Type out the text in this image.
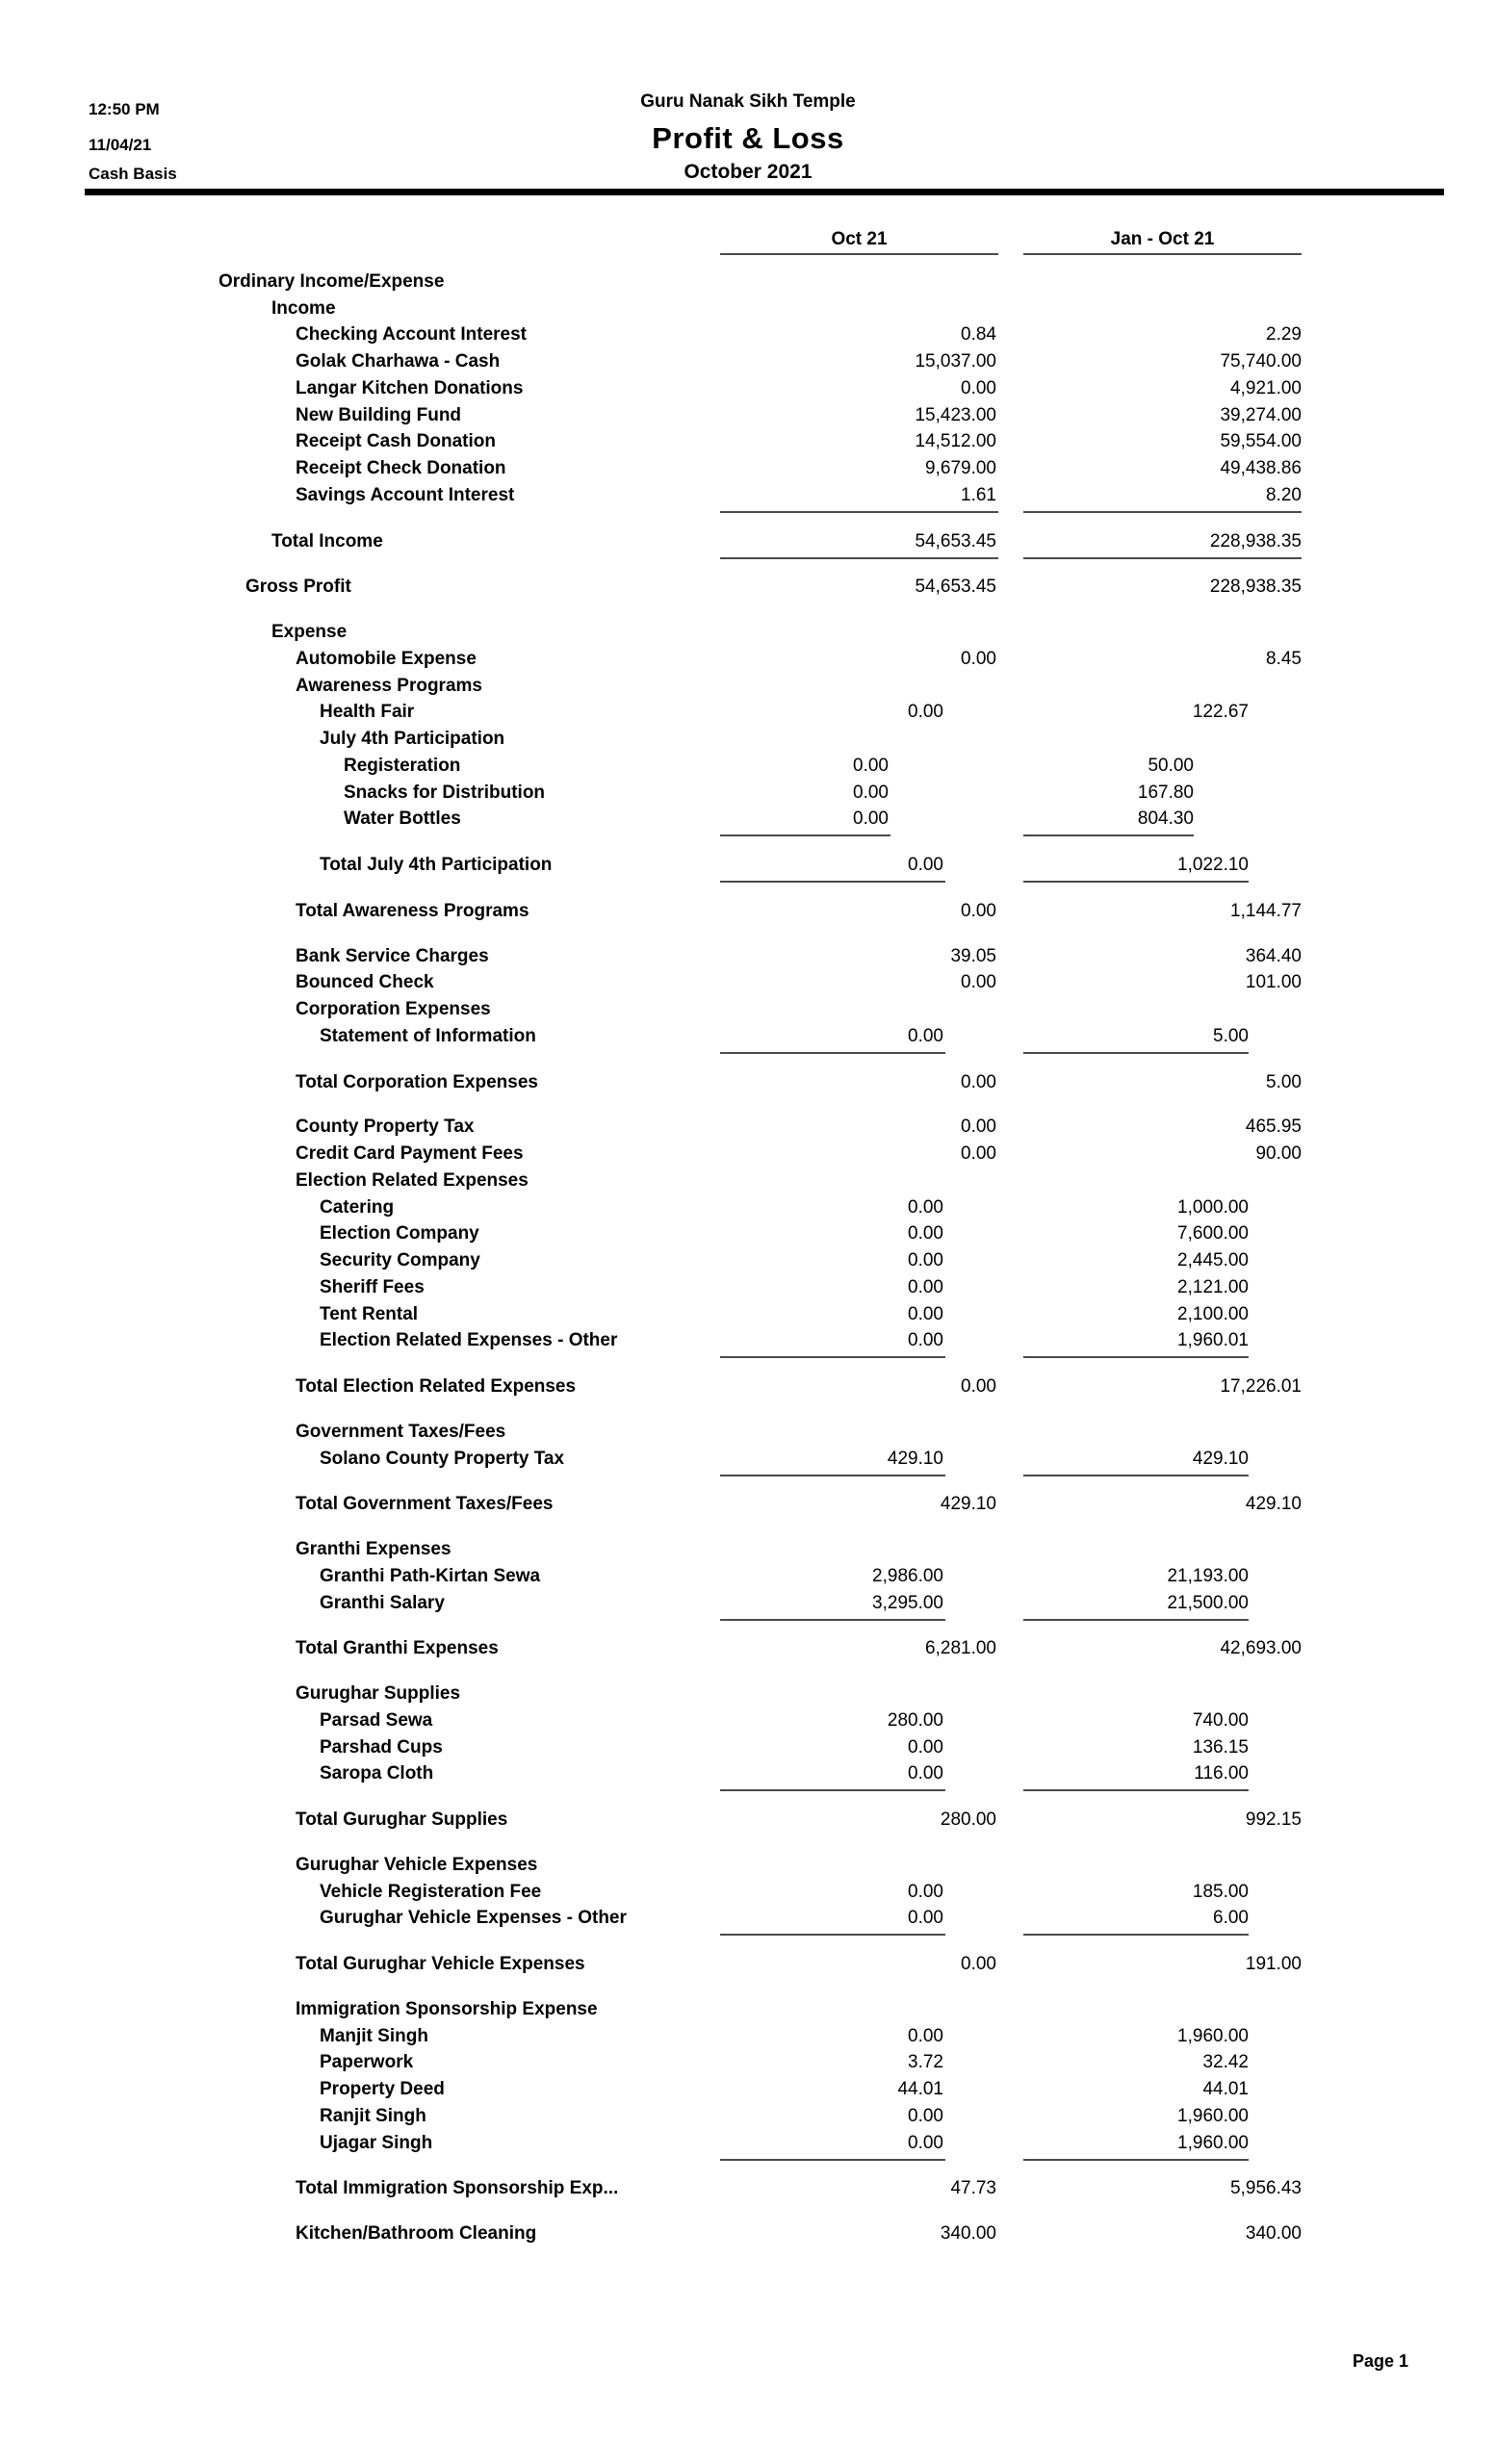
12:50 PM
11/04/21
Cash Basis
Guru Nanak Sikh Temple
Profit & Loss
October 2021
Oct 21	Jan - Oct 21
Ordinary Income/Expense
Income
Checking Account Interest	0.84	2.29
Golak Charhawa - Cash	15,037.00	75,740.00
Langar Kitchen Donations	0.00	4,921.00
New Building Fund	15,423.00	39,274.00
Receipt Cash Donation	14,512.00	59,554.00
Receipt Check Donation	9,679.00	49,438.86
Savings Account Interest	1.61	8.20
Total Income	54,653.45	228,938.35
Gross Profit	54,653.45	228,938.35
Expense
Automobile Expense	0.00	8.45
Awareness Programs
Health Fair	0.00	122.67
July 4th Participation
Registeration	0.00	50.00
Snacks for Distribution	0.00	167.80
Water Bottles	0.00	804.30
Total July 4th Participation	0.00	1,022.10
Total Awareness Programs	0.00	1,144.77
Bank Service Charges	39.05	364.40
Bounced Check	0.00	101.00
Corporation Expenses
Statement of Information	0.00	5.00
Total Corporation Expenses	0.00	5.00
County Property Tax	0.00	465.95
Credit Card Payment Fees	0.00	90.00
Election Related Expenses
Catering	0.00	1,000.00
Election Company	0.00	7,600.00
Security Company	0.00	2,445.00
Sheriff Fees	0.00	2,121.00
Tent Rental	0.00	2,100.00
Election Related Expenses - Other	0.00	1,960.01
Total Election Related Expenses	0.00	17,226.01
Government Taxes/Fees
Solano County Property Tax	429.10	429.10
Total Government Taxes/Fees	429.10	429.10
Granthi Expenses
Granthi Path-Kirtan Sewa	2,986.00	21,193.00
Granthi Salary	3,295.00	21,500.00
Total Granthi Expenses	6,281.00	42,693.00
Gurughar Supplies
Parsad Sewa	280.00	740.00
Parshad Cups	0.00	136.15
Saropa Cloth	0.00	116.00
Total Gurughar Supplies	280.00	992.15
Gurughar Vehicle Expenses
Vehicle Registeration Fee	0.00	185.00
Gurughar Vehicle Expenses - Other	0.00	6.00
Total Gurughar Vehicle Expenses	0.00	191.00
Immigration Sponsorship Expense
Manjit Singh	0.00	1,960.00
Paperwork	3.72	32.42
Property Deed	44.01	44.01
Ranjit Singh	0.00	1,960.00
Ujagar Singh	0.00	1,960.00
Total Immigration Sponsorship Exp...	47.73	5,956.43
Kitchen/Bathroom Cleaning	340.00	340.00
Page 1
